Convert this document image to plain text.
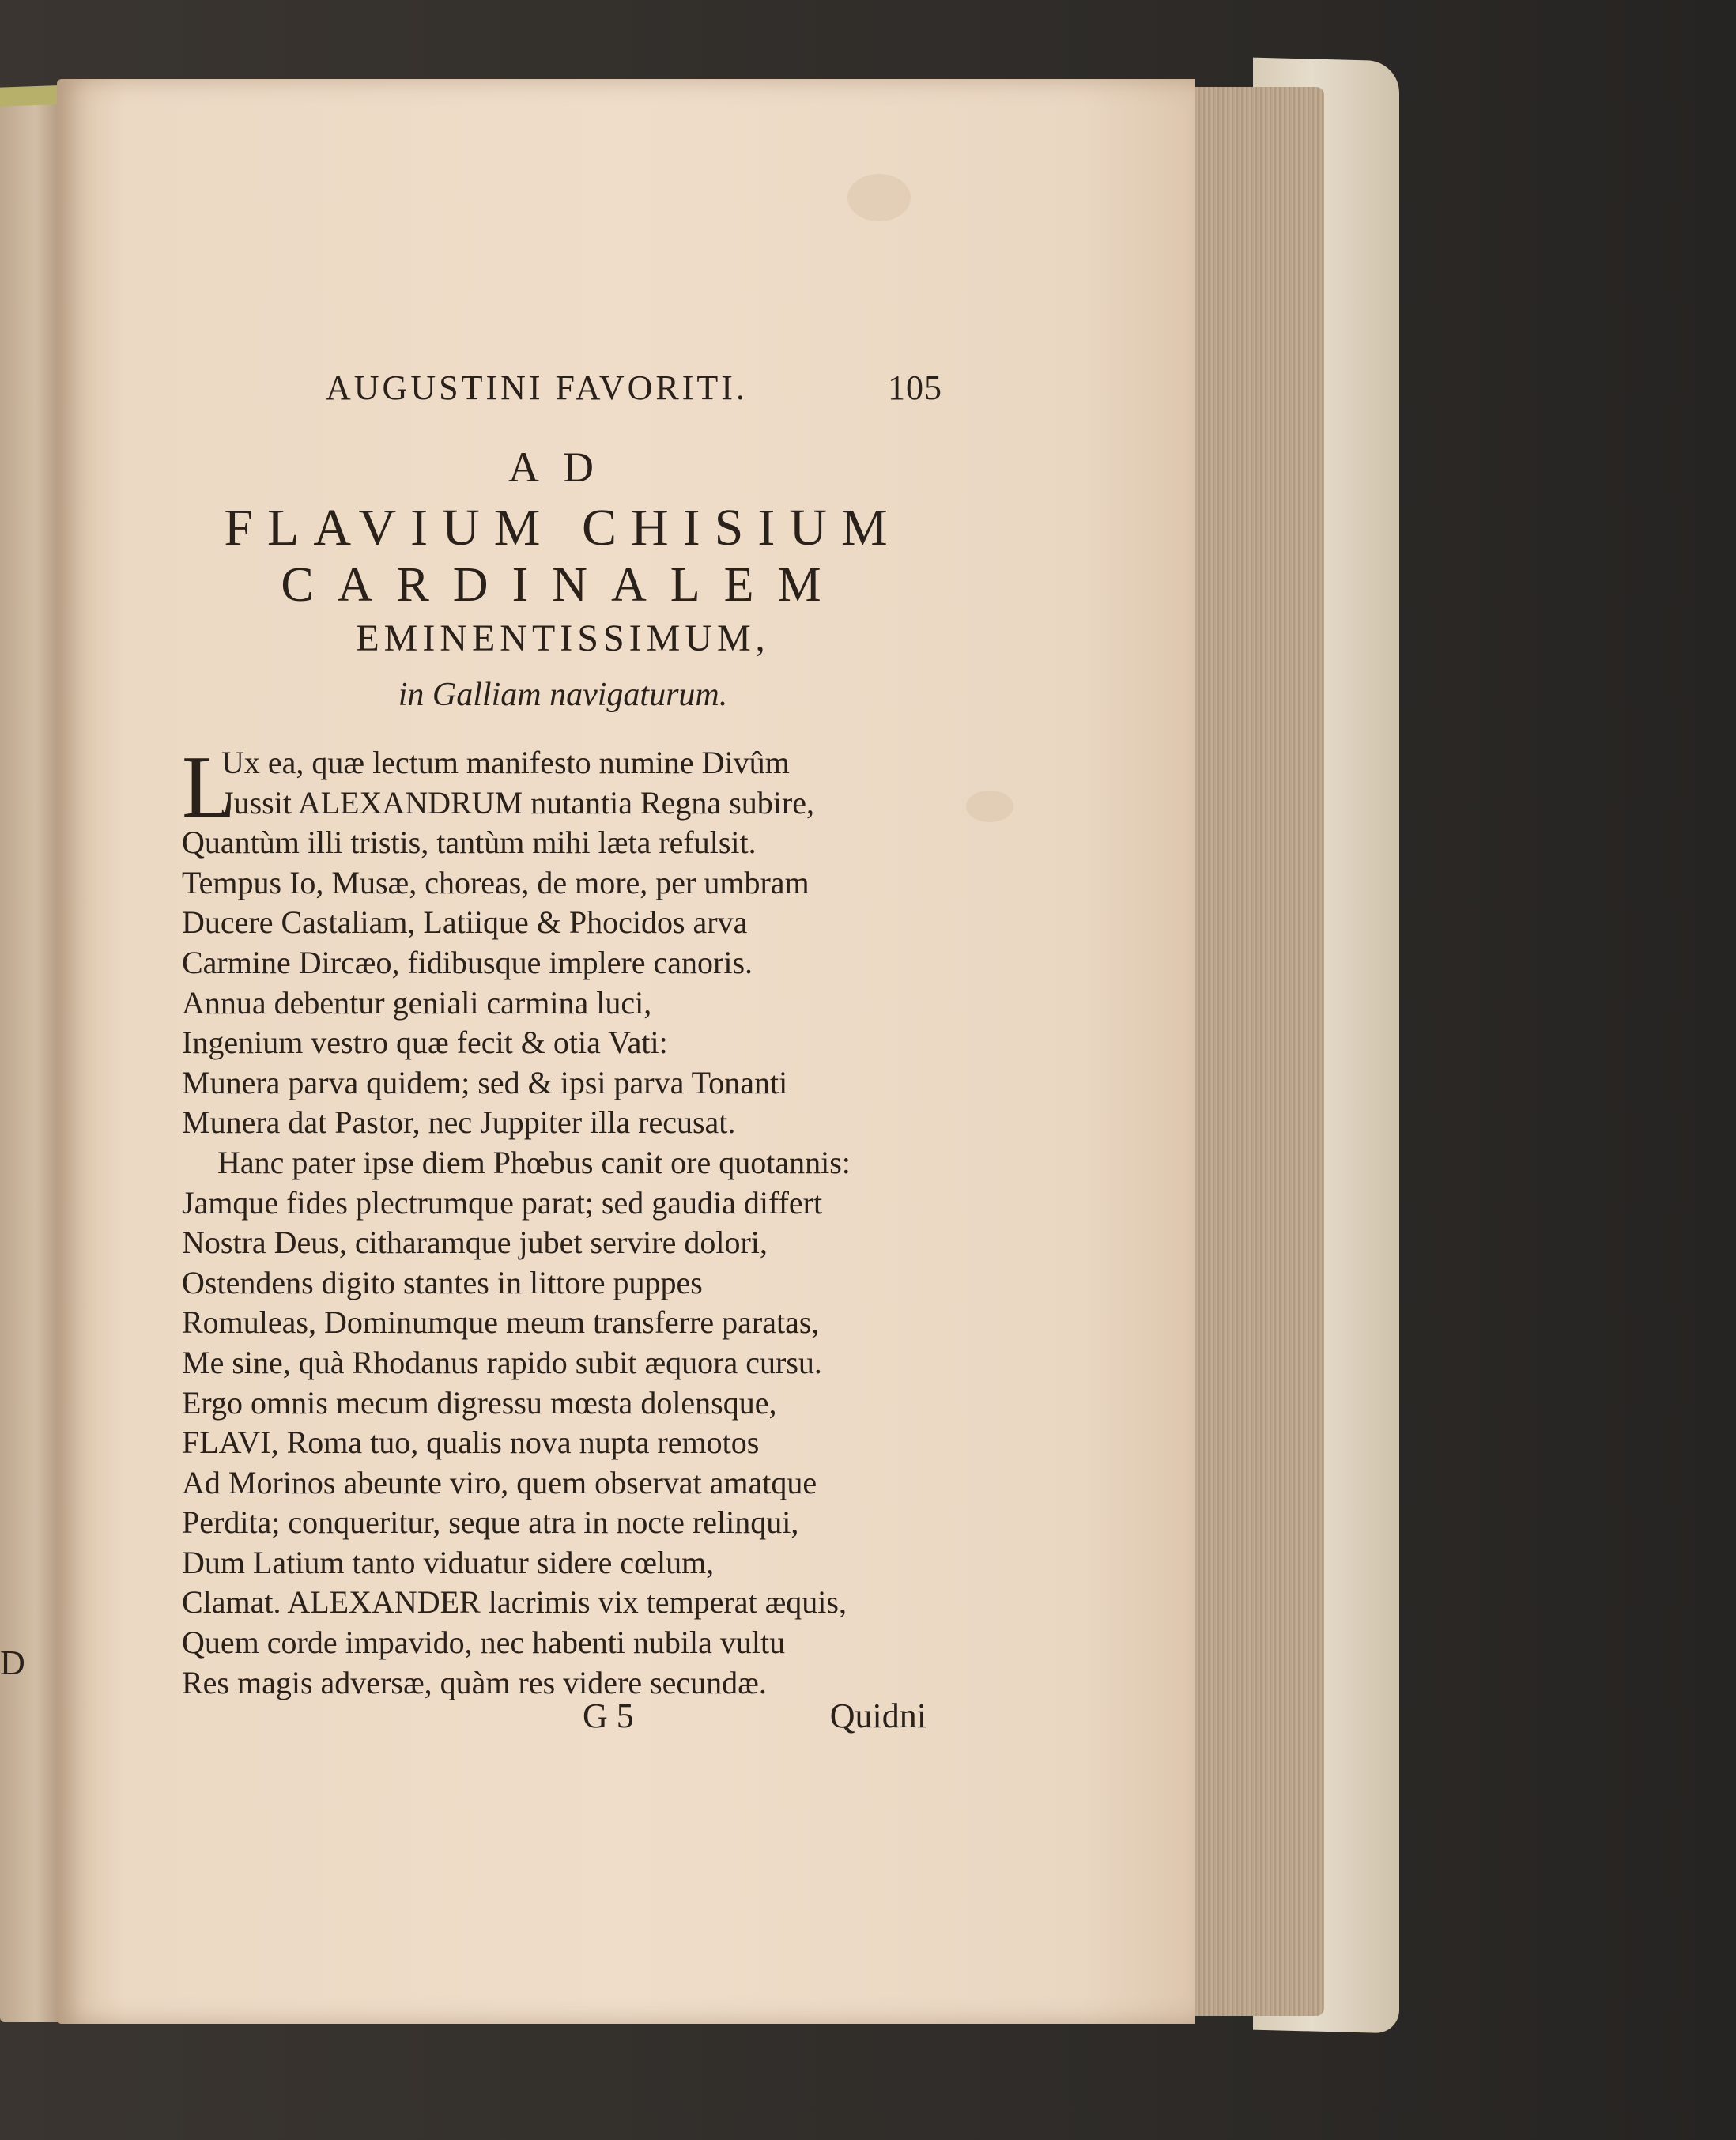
D
AUGUSTINI FAVORITI.	105
AD
FLAVIUM CHISIUM
CARDINALEM
EMINENTISSIMUM,
in Galliam navigaturum.
L
Ux ea, quæ lectum manifesto numine Divûm
Jussit ALEXANDRUM nutantia Regna subire,
Quantùm illi tristis, tantùm mihi læta refulsit.
Tempus Io, Musæ, choreas, de more, per umbram
Ducere Castaliam, Latiique & Phocidos arva
Carmine Dircæo, fidibusque implere canoris.
Annua debentur geniali carmina luci,
Ingenium vestro quæ fecit & otia Vati:
Munera parva quidem; sed & ipsi parva Tonanti
Munera dat Pastor, nec Juppiter illa recusat.
Hanc pater ipse diem Phœbus canit ore quotannis:
Jamque fides plectrumque parat; sed gaudia differt
Nostra Deus, citharamque jubet servire dolori,
Ostendens digito stantes in littore puppes
Romuleas, Dominumque meum transferre paratas,
Me sine, quà Rhodanus rapido subit æquora cursu.
Ergo omnis mecum digressu mœsta dolensque,
FLAVI, Roma tuo, qualis nova nupta remotos
Ad Morinos abeunte viro, quem observat amatque
Perdita; conqueritur, seque atra in nocte relinqui,
Dum Latium tanto viduatur sidere cœlum,
Clamat. ALEXANDER lacrimis vix temperat æquis,
Quem corde impavido, nec habenti nubila vultu
Res magis adversæ, quàm res videre secundæ.
G 5	Quidni
